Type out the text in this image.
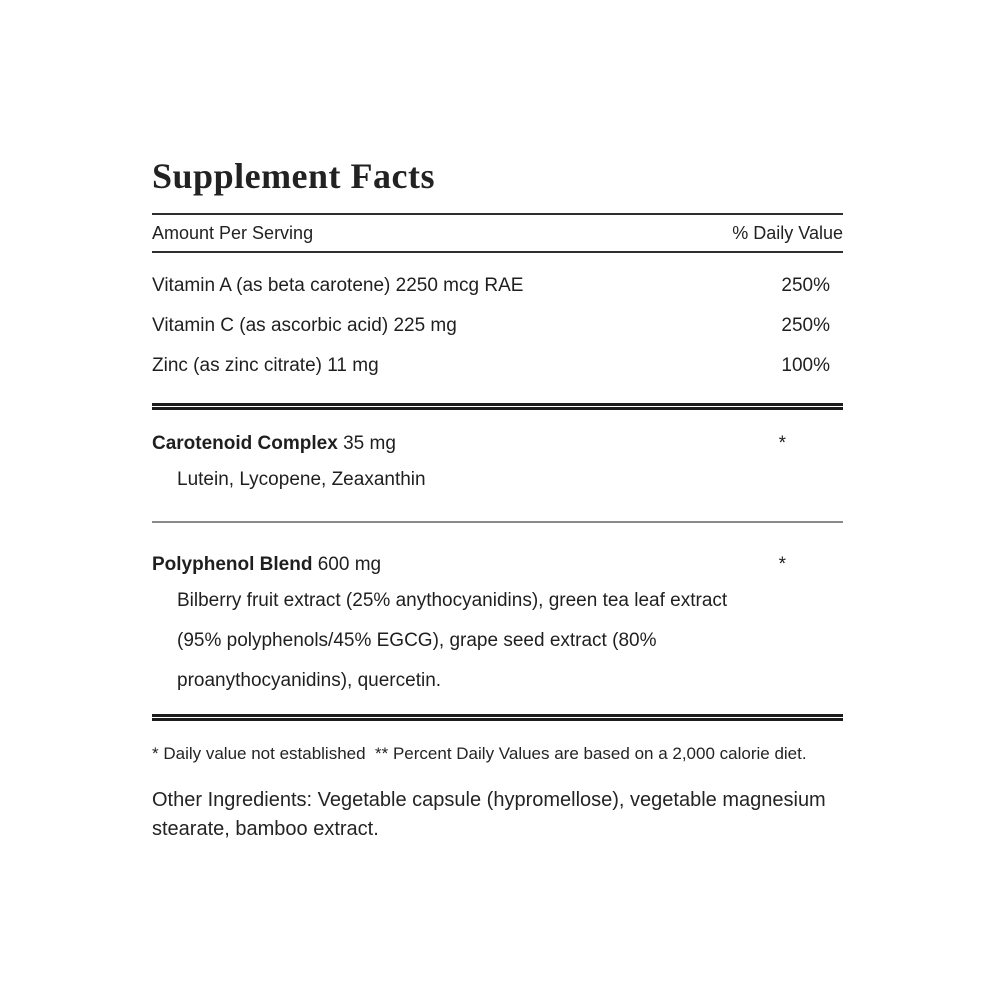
Supplement Facts
Amount Per Serving	% Daily Value
Vitamin A (as beta carotene) 2250 mcg RAE	250%
Vitamin C (as ascorbic acid) 225 mg	250%
Zinc (as zinc citrate) 11 mg	100%
Carotenoid Complex 35 mg	*
Lutein, Lycopene, Zeaxanthin
Polyphenol Blend 600 mg	*
Bilberry fruit extract (25% anythocyanidins), green tea leaf extract (95% polyphenols/45% EGCG), grape seed extract (80% proanythocyanidins), quercetin.
* Daily value not established  ** Percent Daily Values are based on a 2,000 calorie diet.
Other Ingredients: Vegetable capsule (hypromellose), vegetable magnesium stearate, bamboo extract.
